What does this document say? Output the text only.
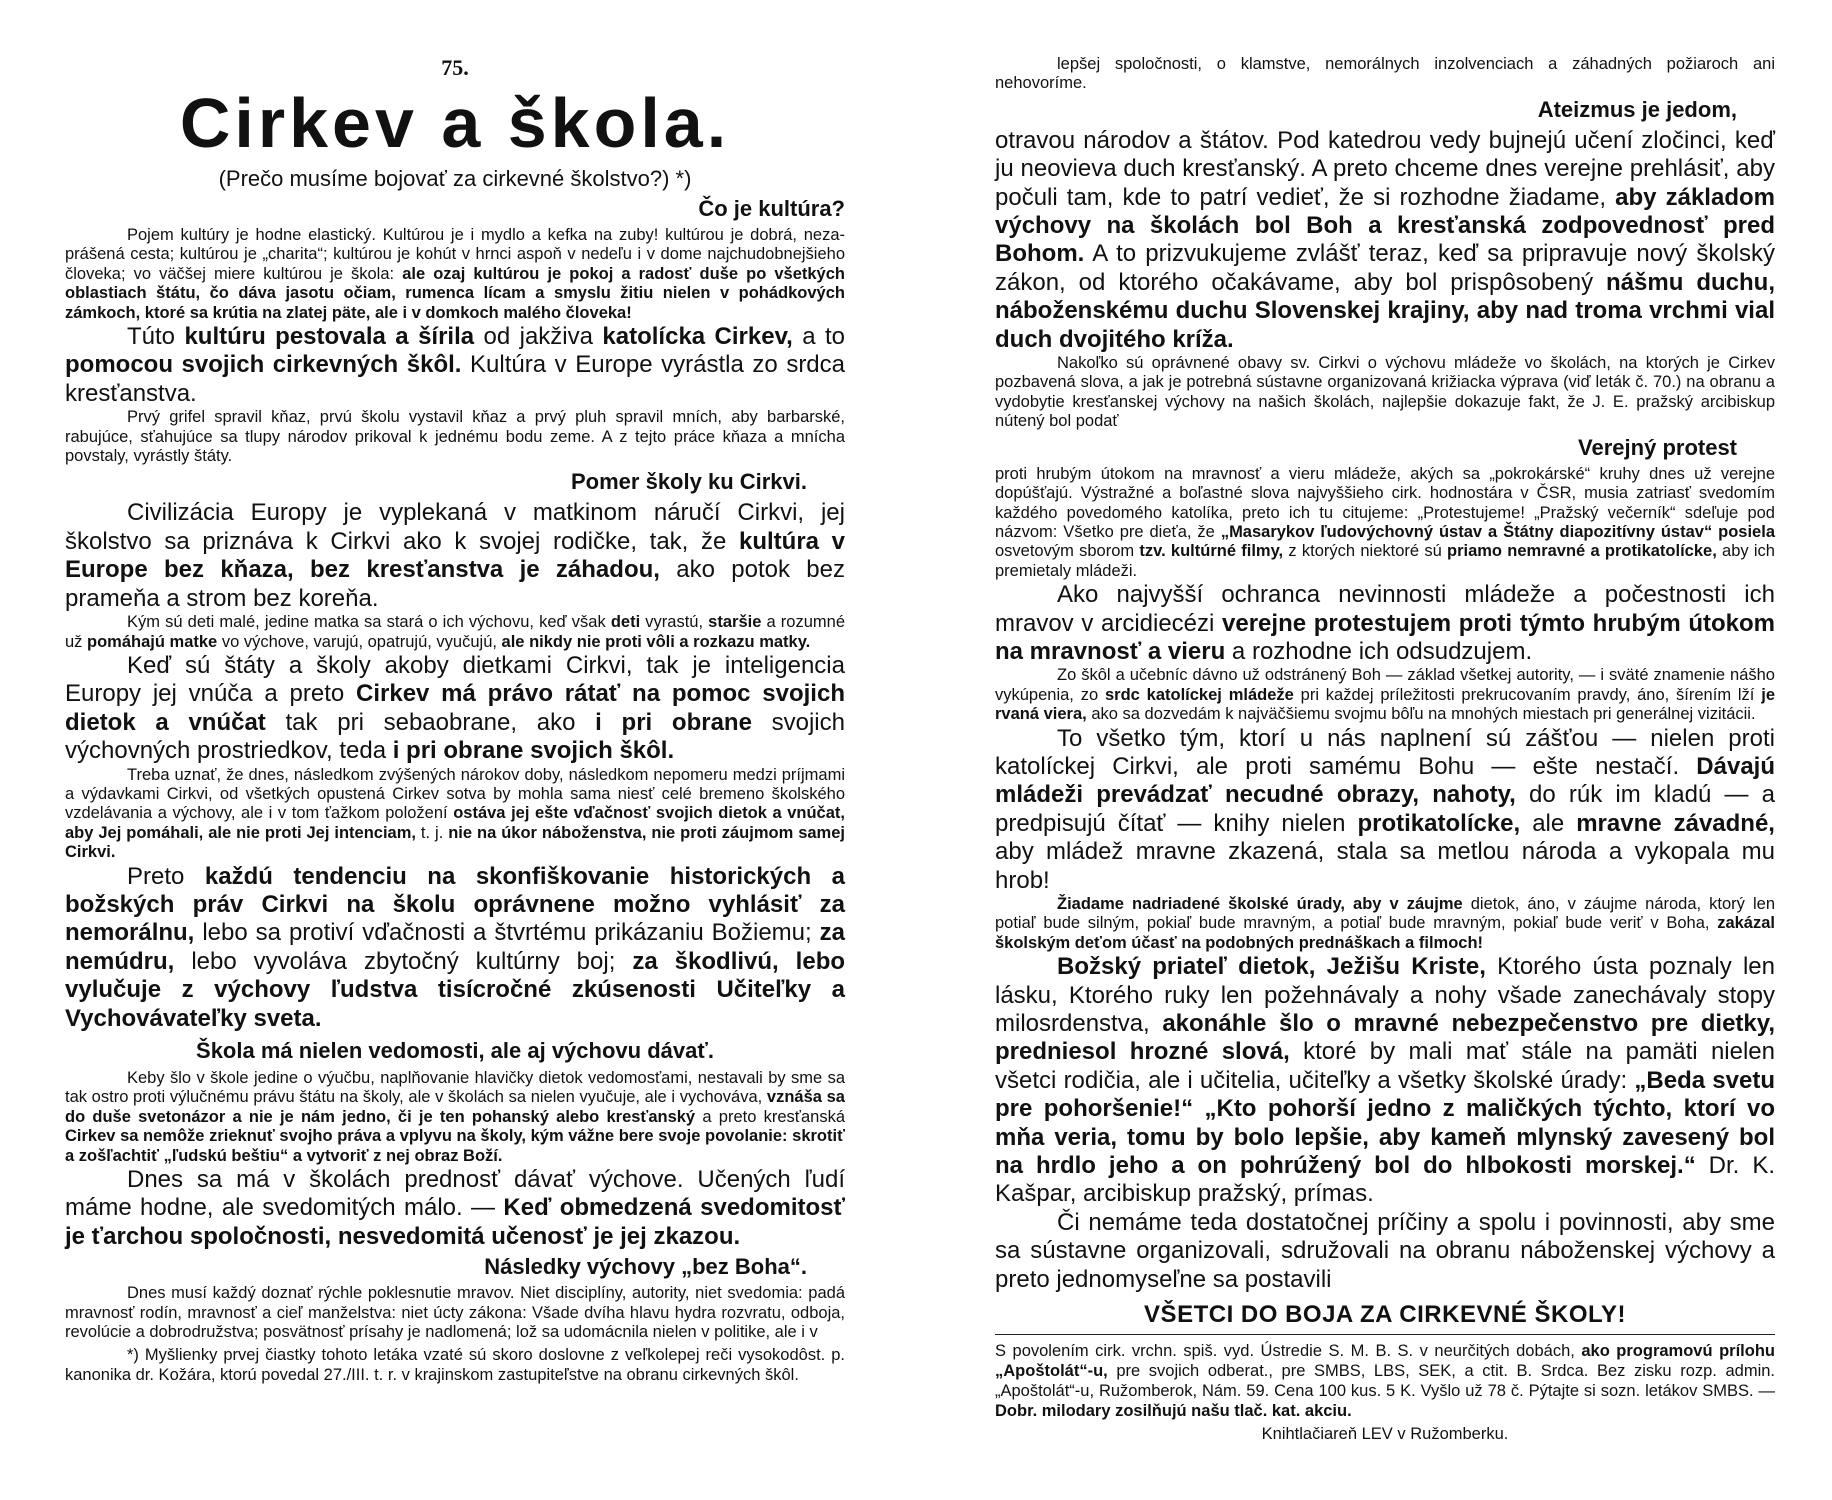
75.
Cirkev a škola.

(Prečo musíme bojovať za cirkevné školstvo?) *)

Čo je kultúra?

Pojem kultúry je hodne elastický. Kultúrou je i mydlo a kefka na zuby! kultúrou je dobrá, nezaprášená cesta; kultúrou je „charita“; kultúrou je kohút v hrnci aspoň v nedeľu i v dome najchudobnejšieho človeka; vo väčšej miere kultúrou je škola: ale ozaj kultúrou je pokoj a radosť duše po všetkých oblastiach štátu, čo dáva jasotu očiam, rumenca lícam a smyslu žitiu nielen v pohádkových zámkoch, ktoré sa krútia na zlatej päte, ale i v domkoch malého človeka!

Túto kultúru pestovala a šírila od jakživa katolícka Cirkev, a to pomocou svojich cirkevných škôl. Kultúra v Europe vyrástla zo srdca kresťanstva.

Prvý grifel spravil kňaz, prvú školu vystavil kňaz a prvý pluh spravil mních, aby barbarské, rabujúce, sťahujúce sa tlupy národov prikoval k jednému bodu zeme. A z tejto práce kňaza a mnícha povstaly, vyrástly štáty.

Pomer školy ku Cirkvi.

Civilizácia Europy je vyplekaná v matkinom náručí Cirkvi, jej školstvo sa priznáva k Cirkvi ako k svojej rodičke, tak, že kultúra v Europe bez kňaza, bez kresťanstva je záhadou, ako potok bez prameňa a strom bez koreňa.

Kým sú deti malé, jedine matka sa stará o ich výchovu, keď však deti vyrastú, staršie a rozumné už pomáhajú matke vo výchove, varujú, opatrujú, vyučujú, ale nikdy nie proti vôli a rozkazu matky.

Keď sú štáty a školy akoby dietkami Cirkvi, tak je inteligencia Europy jej vnúča a preto Cirkev má právo rátať na pomoc svojich dietok a vnúčat tak pri sebaobrane, ako i pri obrane svojich výchovných prostriedkov, teda i pri obrane svojich škôl.

Treba uznať, že dnes, následkom zvýšených nárokov doby, následkom nepomeru medzi príjmami a výdavkami Cirkvi, od všetkých opustená Cirkev sotva by mohla sama niesť celé bremeno školského vzdelávania a výchovy, ale i v tom ťažkom položení ostáva jej ešte vďačnosť svojich dietok a vnúčat, aby Jej pomáhali, ale nie proti Jej intenciam, t. j. nie na úkor náboženstva, nie proti záujmom samej Cirkvi.

Preto každú tendenciu na skonfiškovanie historických a božských práv Cirkvi na školu oprávnene možno vyhlásiť za nemorálnu, lebo sa protiví vďačnosti a štvrtému prikázaniu Božiemu; za nemúdru, lebo vyvoláva zbytočný kultúrny boj; za škodlivú, lebo vylučuje z výchovy ľudstva tisícročné zkúsenosti Učiteľky a Vychovávateľky sveta.

Škola má nielen vedomosti, ale aj výchovu dávať.

Keby šlo v škole jedine o výučbu, naplňovanie hlavičky dietok vedomosťami, nestavali by sme sa tak ostro proti výlučnému právu štátu na školy, ale v školách sa nielen vyučuje, ale i vychováva, vznáša sa do duše svetonázor a nie je nám jedno, či je ten pohanský alebo kresťanský a preto kresťanská Cirkev sa nemôže zrieknuť svojho práva a vplyvu na školy, kým vážne bere svoje povolanie: skrotiť a zošľachtiť „ľudskú beštiu“ a vytvoriť z nej obraz Boží.

Dnes sa má v školách prednosť dávať výchove. Učených ľudí máme hodne, ale svedomitých málo. — Keď obmedzená svedomitosť je ťarchou spoločnosti, nesvedomitá učenosť je jej zkazou.

Následky výchovy „bez Boha“.

Dnes musí každý doznať rýchle poklesnutie mravov. Niet disciplíny, autority, niet svedomia: padá mravnosť rodín, mravnosť a cieľ manželstva: niet úcty zákona: Všade dvíha hlavu hydra rozvratu, odboja, revolúcie a dobrodružstva; posvätnosť prísahy je nadlomená; lož sa udomácnila nielen v politike, ale i v

*) Myšlienky prvej čiastky tohoto letáka vzaté sú skoro doslovne z veľkolepej reči vysokodôst. p. kanonika dr. Kožára, ktorú povedal 27./III. t. r. v krajinskom zastupiteľstve na obranu cirkevných škôl.

lepšej spoločnosti, o klamstve, nemorálnych inzolvenciach a záhadných požiaroch ani nehovoríme.

Ateizmus je jedom,

otravou národov a štátov. Pod katedrou vedy bujnejú učení zločinci, keď ju neovieva duch kresťanský. A preto chceme dnes verejne prehlásiť, aby počuli tam, kde to patrí vedieť, že si rozhodne žiadame, aby základom výchovy na školách bol Boh a kresťanská zodpovednosť pred Bohom. A to prizvukujeme zvlášť teraz, keď sa pripravuje nový školský zákon, od ktorého očakávame, aby bol prispôsobený nášmu duchu, náboženskému duchu Slovenskej krajiny, aby nad troma vrchmi vial duch dvojitého kríža.

Nakoľko sú oprávnené obavy sv. Cirkvi o výchovu mládeže vo školách, na ktorých je Cirkev pozbavená slova, a jak je potrebná sústavne organizovaná križiacka výprava (viď leták č. 70.) na obranu a vydobytie kresťanskej výchovy na našich školách, najlepšie dokazuje fakt, že J. E. pražský arcibiskup nútený bol podať

Verejný protest

proti hrubým útokom na mravnosť a vieru mládeže, akých sa „pokrokárské“ kruhy dnes už verejne dopúšťajú. Výstražné a boľastné slova najvyššieho cirk. hodnostára v ČSR, musia zatriasť svedomím každého povedomého katolíka, preto ich tu citujeme: „Protestujeme! „Pražský večerník“ sdeľuje pod názvom: Všetko pre dieťa, že „Masarykov ľudovýchovný ústav a Štátny diapozitívny ústav“ posiela osvetovým sborom tzv. kultúrné filmy, z ktorých niektoré sú priamo nemravné a protikatolícke, aby ich premietaly mládeži.

Ako najvyšší ochranca nevinnosti mládeže a počestnosti ich mravov v arcidiecézi verejne protestujem proti týmto hrubým útokom na mravnosť a vieru a rozhodne ich odsudzujem.

Zo škôl a učebníc dávno už odstránený Boh — základ všetkej autority, — i sväté znamenie nášho vykúpenia, zo srdc katolíckej mládeže pri každej príležitosti prekrucovaním pravdy, áno, šírením lží je rvaná viera, ako sa dozvedám k najväčšiemu svojmu bôľu na mnohých miestach pri generálnej vizitácii.

To všetko tým, ktorí u nás naplnení sú zášťou — nielen proti katolíckej Cirkvi, ale proti samému Bohu — ešte nestačí. Dávajú mládeži prevádzať necudné obrazy, nahoty, do rúk im kladú — a predpisujú čítať — knihy nielen protikatolícke, ale mravne závadné, aby mládež mravne zkazená, stala sa metlou národa a vykopala mu hrob!

Žiadame nadriadené školské úrady, aby v záujme dietok, áno, v záujme národa, ktorý len potiaľ bude silným, pokiaľ bude mravným, a potiaľ bude mravným, pokiaľ bude veriť v Boha, zakázal školským deťom účasť na podobných prednáškach a filmoch!

Božský priateľ dietok, Ježišu Kriste, Ktorého ústa poznaly len lásku, Ktorého ruky len požehnávaly a nohy všade zanechávaly stopy milosrdenstva, akonáhle šlo o mravné nebezpečenstvo pre dietky, predniesol hrozné slová, ktoré by mali mať stále na pamäti nielen všetci rodičia, ale i učitelia, učiteľky a všetky školské úrady: „Beda svetu pre pohoršenie!“ „Kto pohorší jedno z maličkých týchto, ktorí vo mňa veria, tomu by bolo lepšie, aby kameň mlynský zavesený bol na hrdlo jeho a on pohrúžený bol do hlbokosti morskej.“ Dr. K. Kašpar, arcibiskup pražský, prímas.

Či nemáme teda dostatočnej príčiny a spolu i povinnosti, aby sme sa sústavne organizovali, sdružovali na obranu náboženskej výchovy a preto jednomyseľne sa postavili

VŠETCI DO BOJA ZA CIRKEVNÉ ŠKOLY!

S povolením cirk. vrchn. spiš. vyd. Ústredie S. M. B. S. v neurčitých dobách, ako programovú prílohu „Apoštolát“-u, pre svojich odberat., pre SMBS, LBS, SEK, a ctit. B. Srdca. Bez zisku rozp. admin. „Apoštolát“-u, Ružomberok, Nám. 59. Cena 100 kus. 5 K. Vyšlo už 78 č. Pýtajte si sozn. letákov SMBS. — Dobr. milodary zosilňujú našu tlač. kat. akciu.

Knihtlačiareň LEV v Ružomberku.
